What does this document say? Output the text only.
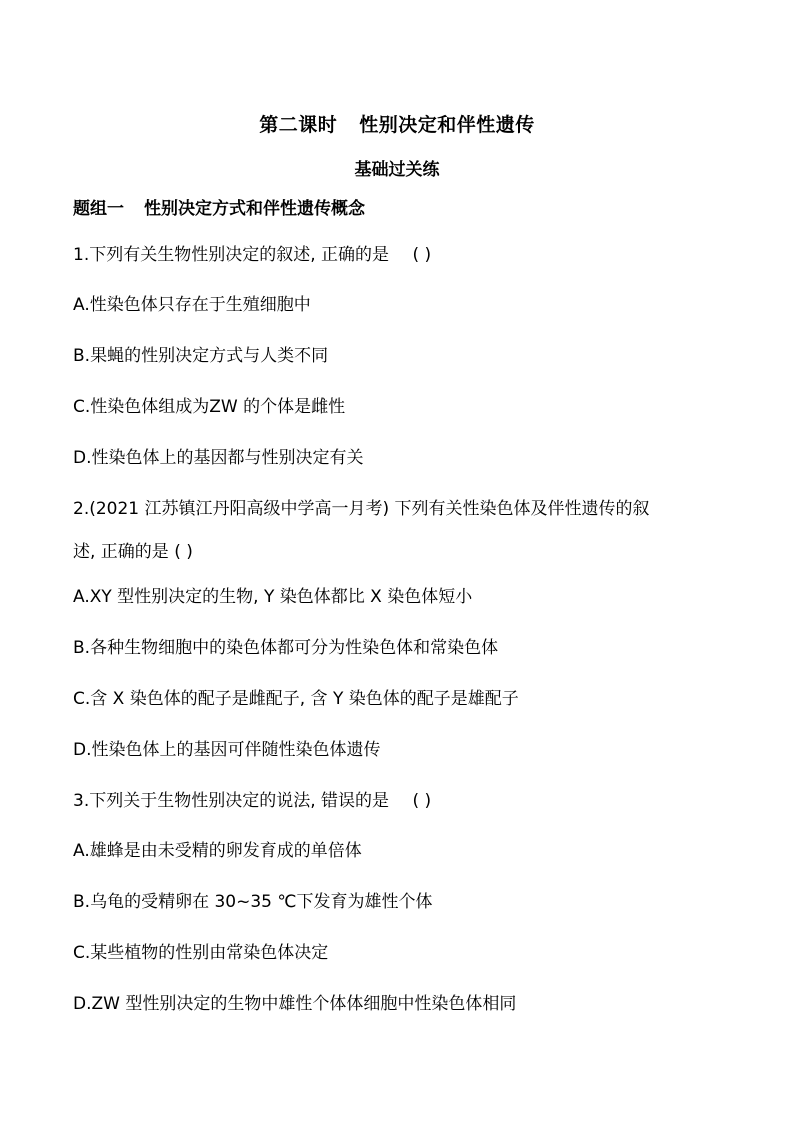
第二课时 性别决定和伴性遗传
基础过关练
题组一 性别决定方式和伴性遗传概念
1.下列有关生物性别决定的叙述, 正确的是 ( )
A.性染色体只存在于生殖细胞中
B.果蝇的性别决定方式与人类不同
C.性染色体组成为ZW 的个体是雌性
D.性染色体上的基因都与性别决定有关
2.(2021 江苏镇江丹阳高级中学高一月考) 下列有关性染色体及伴性遗传的叙
述, 正确的是 ( )
A.XY 型性别决定的生物, Y 染色体都比 X 染色体短小
B.各种生物细胞中的染色体都可分为性染色体和常染色体
C.含 X 染色体的配子是雌配子, 含 Y 染色体的配子是雄配子
D.性染色体上的基因可伴随性染色体遗传
3.下列关于生物性别决定的说法, 错误的是 ( )
A.雄蜂是由未受精的卵发育成的单倍体
B.乌龟的受精卵在 30~35 ℃下发育为雄性个体
C.某些植物的性别由常染色体决定
D.ZW 型性别决定的生物中雄性个体体细胞中性染色体相同
